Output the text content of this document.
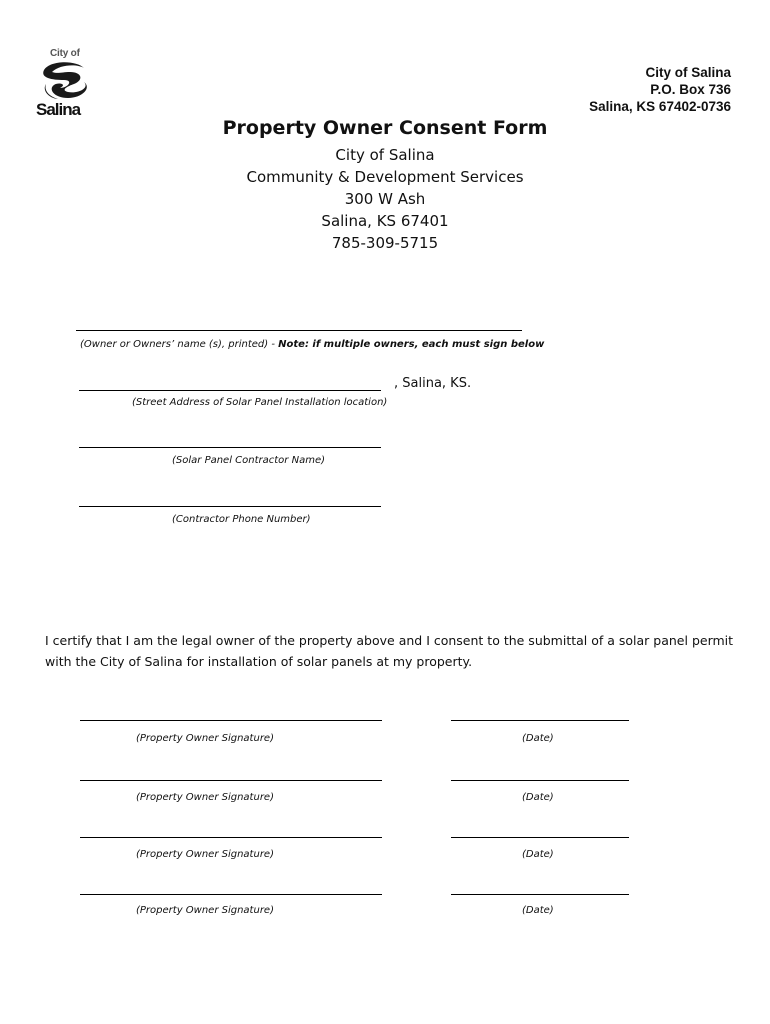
City of
Salina
City of Salina
P.O. Box 736
Salina, KS 67402-0736
Property Owner Consent Form
City of Salina
Community & Development Services
300 W Ash
Salina, KS 67401
785-309-5715
(Owner or Owners’ name (s), printed) - Note: if multiple owners, each must sign below
, Salina, KS.
(Street Address of Solar Panel Installation location)
(Solar Panel Contractor Name)
(Contractor Phone Number)
I certify that I am the legal owner of the property above and I consent to the submittal of a solar panel permit with the City of Salina for installation of solar panels at my property.
(Property Owner Signature)	(Date)
(Property Owner Signature)	(Date)
(Property Owner Signature)	(Date)
(Property Owner Signature)	(Date)
